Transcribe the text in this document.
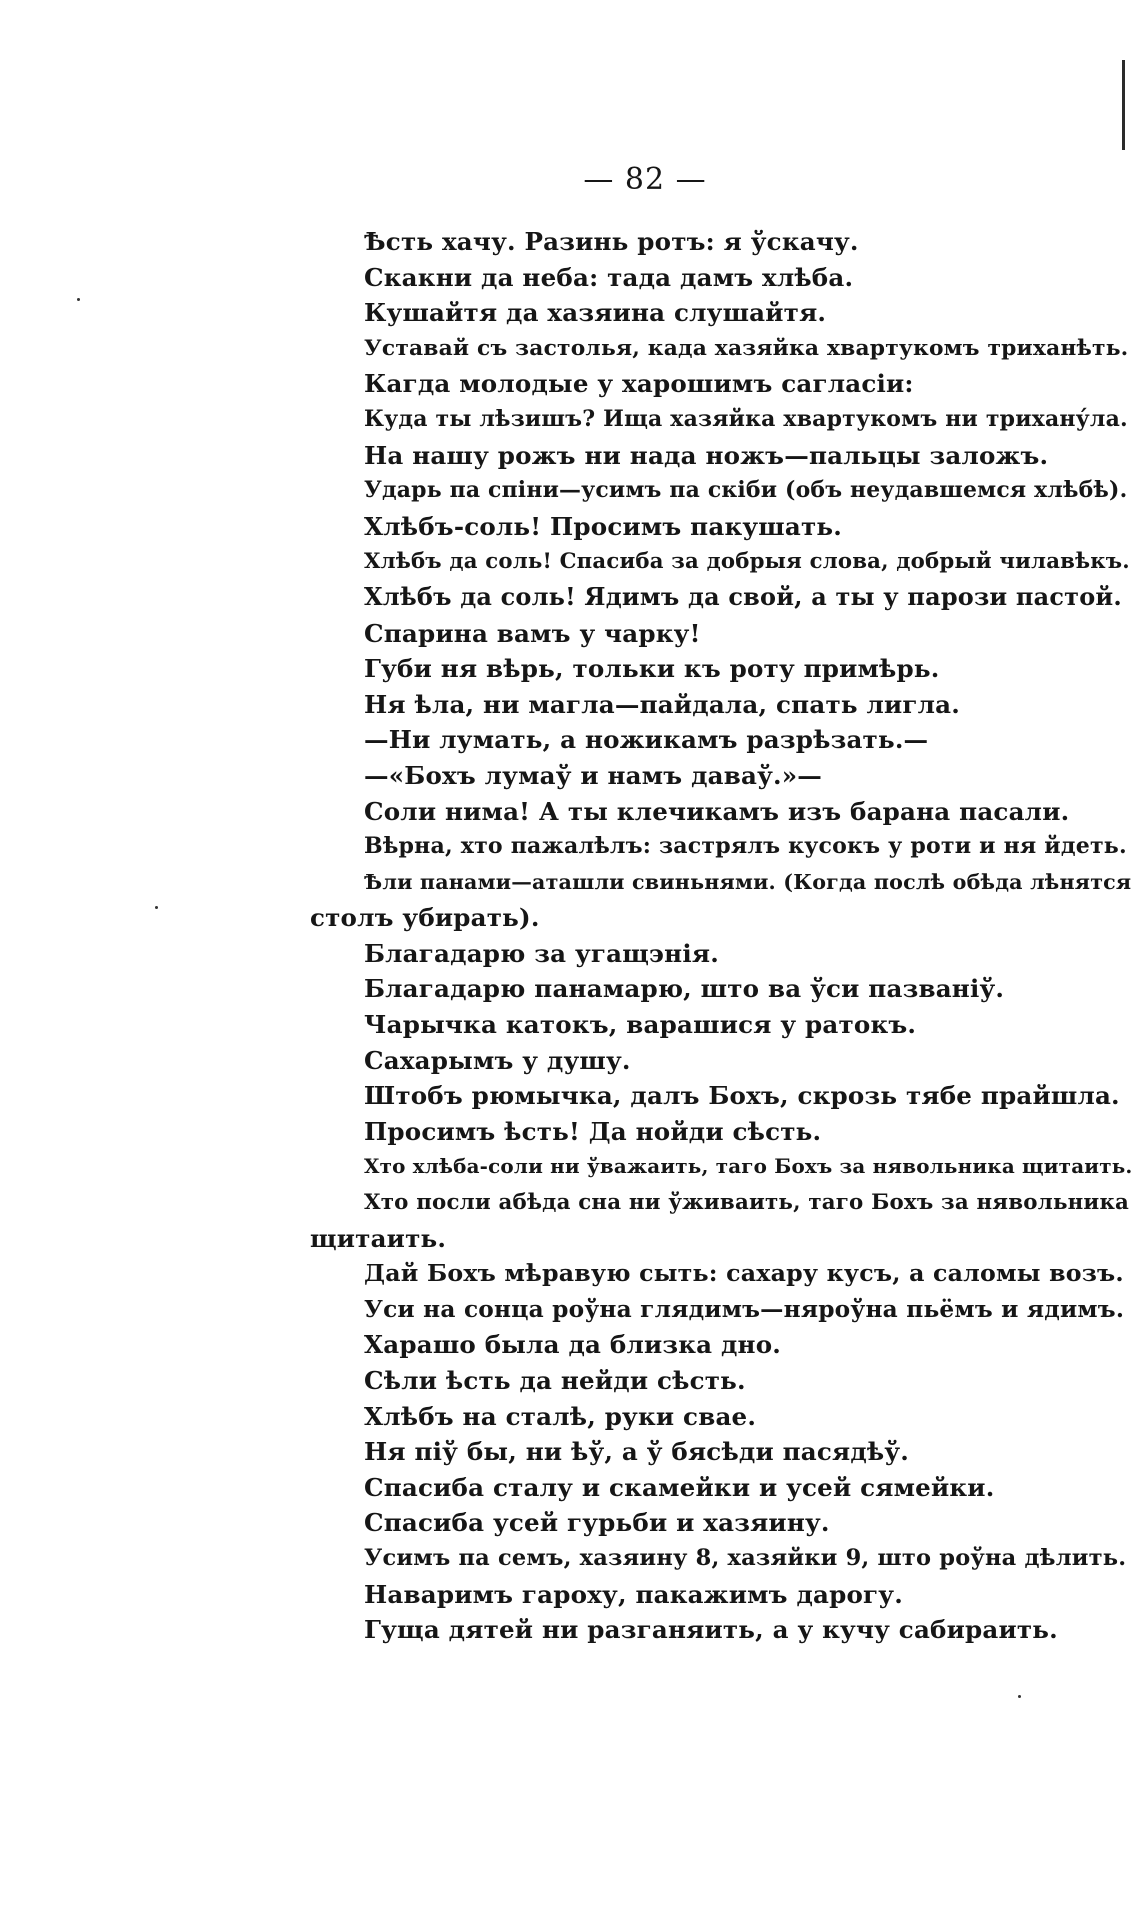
— 82 —
Ѣсть хачу. Разинь ротъ: я ўскачу.
Скакни да неба: тада дамъ хлѣба.
Кушайтя да хазяина слушайтя.
Уставай съ застолья, када хазяйка хвартукомъ триханѣть.
Кагда молодые у харошимъ сагласiи:
Куда ты лѣзишъ? Ища хазяйка хвартукомъ ни трихану́ла.
На нашу рожъ ни нада ножъ—пальцы заложъ.
Ударь па спiни—усимъ па скiби (объ неудавшемся хлѣбѣ).
Хлѣбъ-соль! Просимъ пакушать.
Хлѣбъ да соль! Спасиба за добрыя слова, добрый чилавѣкъ.
Хлѣбъ да соль! Ядимъ да свой, а ты у парози пастой.
Спарина вамъ у чарку!
Губи ня вѣрь, тольки къ роту примѣрь.
Ня ѣла, ни магла—пайдала, спать лигла.
—Ни лумать, а ножикамъ разрѣзать.—
—«Бохъ лумаў и намъ даваў.»—
Соли нима! А ты клечикамъ изъ барана пасали.
Вѣрна, хто пажалѣлъ: застрялъ кусокъ у роти и ня йдеть.
Ѣли панами—аташли свиньнями. (Когда послѣ обѣда лѣнятся
столъ убирать).
Благадарю за угащэнiя.
Благадарю панамарю, што ва ўси пазванiў.
Чарычка катокъ, варашися у ратокъ.
Сахарымъ у душу.
Штобъ рюмычка, далъ Бохъ, скрозь тябе прайшла.
Просимъ ѣсть! Да нойди сѣсть.
Хто хлѣба-соли ни ўважаить, таго Бохъ за нявольника щитаить.
Хто посли абѣда сна ни ўживаить, таго Бохъ за нявольника
щитаить.
Дай Бохъ мѣравую сыть: сахару кусъ, а саломы возъ.
Уси на сонца роўна глядимъ—няроўна пьёмъ и ядимъ.
Харашо была да близка дно.
Сѣли ѣсть да нейди сѣсть.
Хлѣбъ на сталѣ, руки свае.
Ня пiў бы, ни ѣў, а ў бясѣди пасядѣў.
Спасиба сталу и скамейки и усей сямейки.
Спасиба усей гурьби и хазяину.
Усимъ па семъ, хазяину 8, хазяйки 9, што роўна дѣлить.
Наваримъ гароху, пакажимъ дарогу.
Гуща дятей ни разганяить, а у кучу сабираить.
